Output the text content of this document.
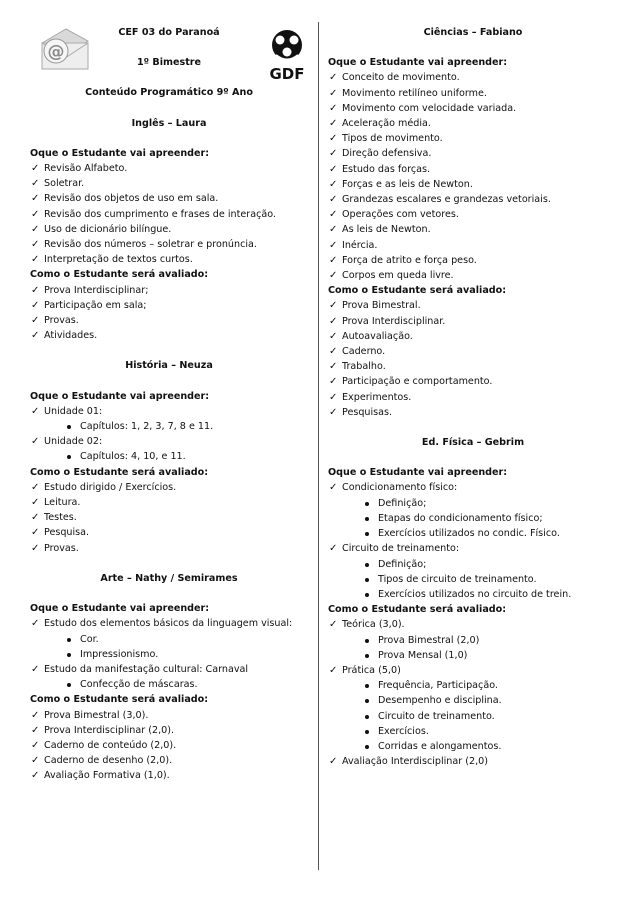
@
GDF
CEF 03 do Paranoá
1º Bimestre
Conteúdo Programático 9º Ano
Inglês – Laura
Oque o Estudante vai apreender:
✓ Revisão Alfabeto.
✓ Soletrar.
✓ Revisão dos objetos de uso em sala.
✓ Revisão dos cumprimento e frases de interação.
✓ Uso de dicionário bilíngue.
✓ Revisão dos números – soletrar e pronúncia.
✓ Interpretação de textos curtos.
Como o Estudante será avaliado:
✓ Prova Interdisciplinar;
✓ Participação em sala;
✓ Provas.
✓ Atividades.
História – Neuza
Oque o Estudante vai apreender:
✓ Unidade 01:
Capítulos: 1, 2, 3, 7, 8 e 11.
✓ Unidade 02:
Capítulos: 4, 10, e 11.
Como o Estudante será avaliado:
✓ Estudo dirigido / Exercícios.
✓ Leitura.
✓ Testes.
✓ Pesquisa.
✓ Provas.
Arte – Nathy / Semirames
Oque o Estudante vai apreender:
✓ Estudo dos elementos básicos da linguagem visual:
Cor.
Impressionismo.
✓ Estudo da manifestação cultural: Carnaval
Confecção de máscaras.
Como o Estudante será avaliado:
✓ Prova Bimestral (3,0).
✓ Prova Interdisciplinar (2,0).
✓ Caderno de conteúdo (2,0).
✓ Caderno de desenho (2,0).
✓ Avaliação Formativa (1,0).
Ciências – Fabiano
Oque o Estudante vai apreender:
✓ Conceito de movimento.
✓ Movimento retilíneo uniforme.
✓ Movimento com velocidade variada.
✓ Aceleração média.
✓ Tipos de movimento.
✓ Direção defensiva.
✓ Estudo das forças.
✓ Forças e as leis de Newton.
✓ Grandezas escalares e grandezas vetoriais.
✓ Operações com vetores.
✓ As leis de Newton.
✓ Inércia.
✓ Força de atrito e força peso.
✓ Corpos em queda livre.
Como o Estudante será avaliado:
✓ Prova Bimestral.
✓ Prova Interdisciplinar.
✓ Autoavaliação.
✓ Caderno.
✓ Trabalho.
✓ Participação e comportamento.
✓ Experimentos.
✓ Pesquisas.
Ed. Física – Gebrim
Oque o Estudante vai apreender:
✓ Condicionamento físico:
Definição;
Etapas do condicionamento físico;
Exercícios utilizados no condic. Físico.
✓ Circuito de treinamento:
Definição;
Tipos de circuito de treinamento.
Exercícios utilizados no circuito de trein.
Como o Estudante será avaliado:
✓ Teórica (3,0).
Prova Bimestral (2,0)
Prova Mensal (1,0)
✓ Prática (5,0)
Frequência, Participação.
Desempenho e disciplina.
Circuito de treinamento.
Exercícios.
Corridas e alongamentos.
✓ Avaliação Interdisciplinar (2,0)
